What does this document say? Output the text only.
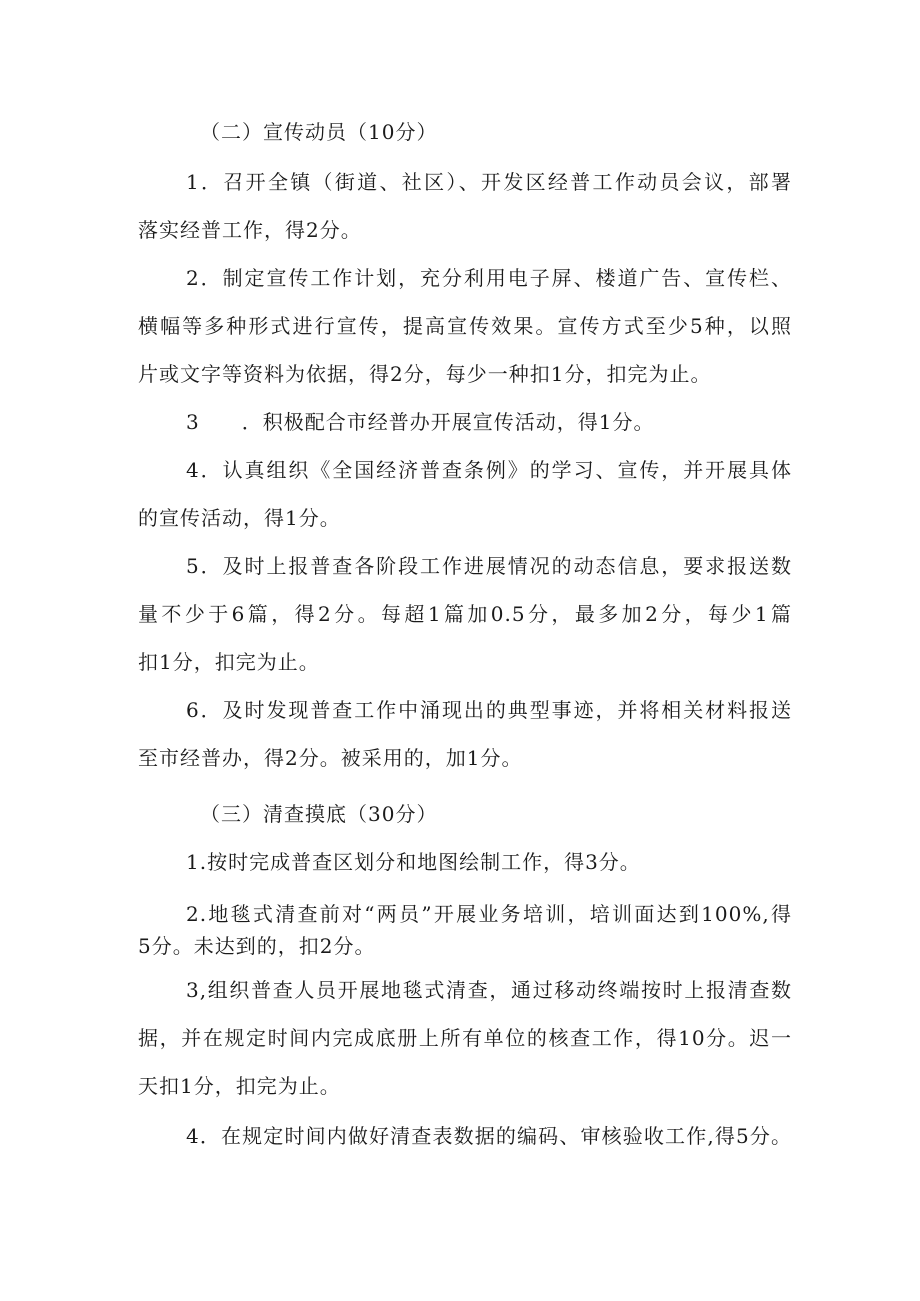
（二）宣传动员（10分）
1．召开全镇（街道、社区）、开发区经普工作动员会议，部署
落实经普工作，得2分。
2．制定宣传工作计划，充分利用电子屏、楼道广告、宣传栏、
横幅等多种形式进行宣传，提高宣传效果。宣传方式至少5种，以照
片或文字等资料为依据，得2分，每少一种扣1分，扣完为止。
3　　．积极配合市经普办开展宣传活动，得1分。
4．认真组织《全国经济普查条例》的学习、宣传，并开展具体
的宣传活动，得1分。
5．及时上报普查各阶段工作进展情况的动态信息，要求报送数
量不少于6篇，得2分。每超1篇加0.5分，最多加2分，每少1篇
扣1分，扣完为止。
6．及时发现普查工作中涌现出的典型事迹，并将相关材料报送
至市经普办，得2分。被采用的，加1分。
（三）清查摸底（30分）
1.按时完成普查区划分和地图绘制工作，得3分。
2.地毯式清查前对“两员”开展业务培训，培训面达到100%,得
5分。未达到的，扣2分。
3,组织普查人员开展地毯式清查，通过移动终端按时上报清查数
据，并在规定时间内完成底册上所有单位的核查工作，得10分。迟一
天扣1分，扣完为止。
4．在规定时间内做好清查表数据的编码、审核验收工作,得5分。
